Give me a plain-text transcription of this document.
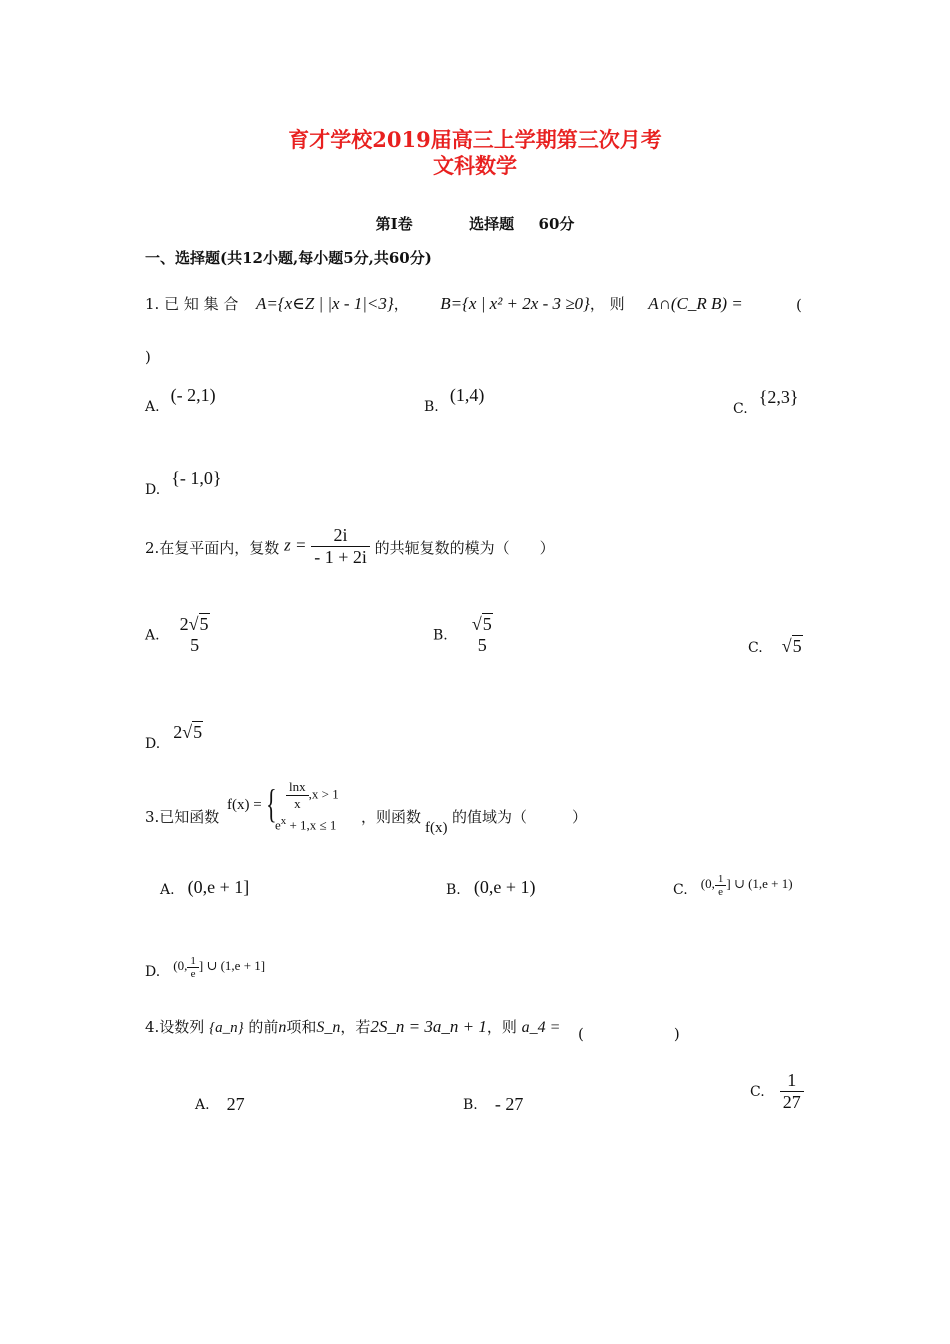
育才学校2019届高三上学期第三次月考
文科数学
第Ⅰ卷	选择题 60分
一、选择题(共12小题,每小题5分,共60分)
1. 已 知 集 合 A={x∈Z | |x - 1|<3}， B={x | x² + 2x - 3 ≥0}， 则 A∩(C_R B) =	(
)
A. (- 2,1)
B. (1,4)
C. {2,3}
D. {- 1,0}
2.在复平面内，复数 $z = \frac{2i}{- 1 + 2i}$ 的共轭复数的模为（　　）
A.
2√5
5	B.
√5
5	C. √5
D. 2√5
3.已知函数
f(x) = { $\frac{\ln x}{x} ,x > 1$
$e^x + 1,x \le 1$ ，则函数
f(x)
的值域为（　　　）
A. (0,e + 1]	B. (0,e + 1)	C. (0, $\frac{1}{e}$ ] ∪ (1,e + 1)
D. (0, $\frac{1}{e}$ ] ∪ (1,e + 1]
4.设数列 {a_n} 的前n项和S_n，若2S_n = 3a_n + 1，则 a_4 = (　　　　　　)
A. 27	B. - 27
C. $\frac{1}{27}$
